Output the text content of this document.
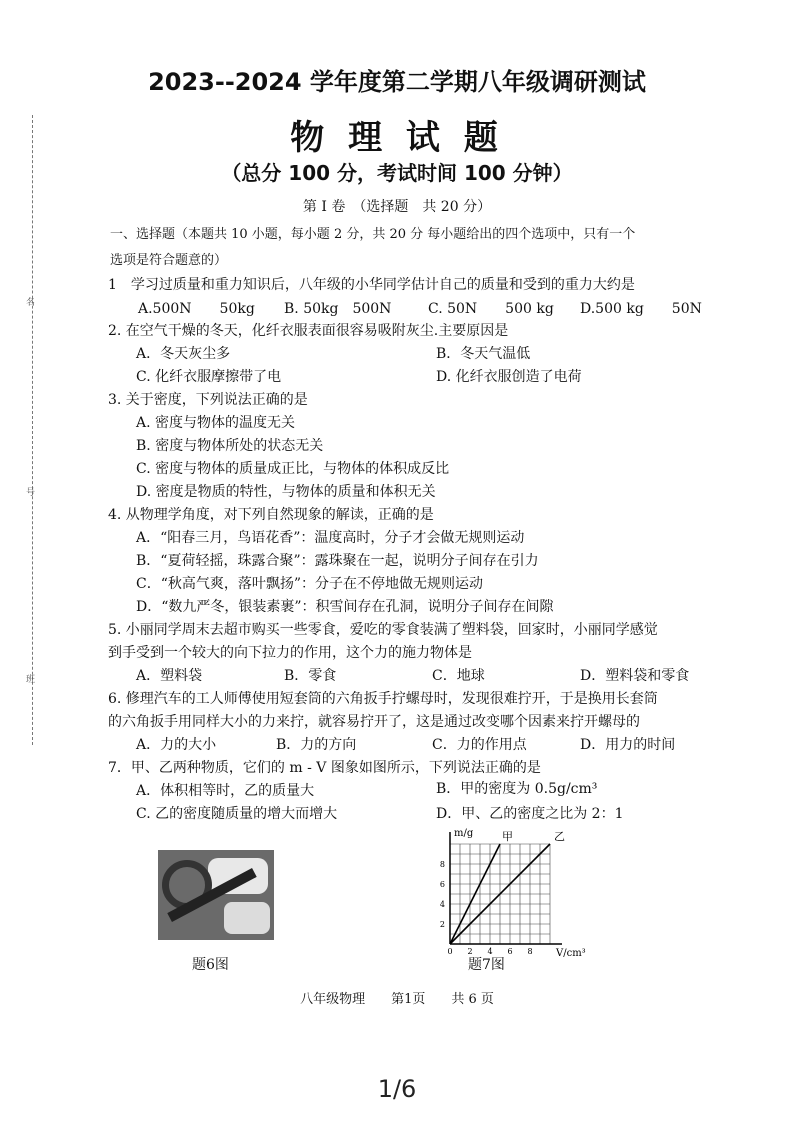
名
号
班
2023--2024 学年度第二学期八年级调研测试
物 理 试 题
（总分 100 分，考试时间 100 分钟）
第 I 卷　（选择题　共 20 分）
一、选择题（本题共 10 小题，每小题 2 分，共 20 分 每小题给出的四个选项中，只有一个
选项是符合题意的）
1　学习过质量和重力知识后，八年级的小华同学估计自己的质量和受到的重力大约是
A.500N　　50kg B. 50kg　500N	C. 50N　　500 kg D.500 kg　　50N
2. 在空气干燥的冬天，化纤衣服表面很容易吸附灰尘.主要原因是
A．冬天灰尘多	B．冬天气温低
C. 化纤衣服摩擦带了电	D. 化纤衣服创造了电荷
3. 关于密度，下列说法正确的是
A. 密度与物体的温度无关
B. 密度与物体所处的状态无关
C. 密度与物体的质量成正比，与物体的体积成反比
D. 密度是物质的特性，与物体的质量和体积无关
4. 从物理学角度，对下列自然现象的解读，正确的是
A．“阳春三月，鸟语花香”：温度高时，分子才会做无规则运动
B．“夏荷轻摇，珠露合聚”：露珠聚在一起，说明分子间存在引力
C．“秋高气爽，落叶飘扬”：分子在不停地做无规则运动
D．“数九严冬，银装素裹”：积雪间存在孔洞，说明分子间存在间隙
5. 小丽同学周末去超市购买一些零食，爱吃的零食装满了塑料袋，回家时，小丽同学感觉
到手受到一个较大的向下拉力的作用，这个力的施力物体是
A．塑料袋	B．零食	C．地球	D．塑料袋和零食
6. 修理汽车的工人师傅使用短套筒的六角扳手拧螺母时，发现很难拧开，于是换用长套筒
的六角扳手用同样大小的力来拧，就容易拧开了，这是通过改变哪个因素来拧开螺母的
A．力的大小	B．力的方向	C．力的作用点	D．用力的时间
7．甲、乙两种物质，它们的 m - V 图象如图所示，下列说法正确的是
A．体积相等时，乙的质量大	B．甲的密度为 0.5g/cm³
C. 乙的密度随质量的增大而增大	D．甲、乙的密度之比为 2：1
题6图
0 2 4 6 8
2
4
6
8
甲	乙
m/g
V/cm³
题7图
八年级物理　　第1页　　共 6 页
1/6
